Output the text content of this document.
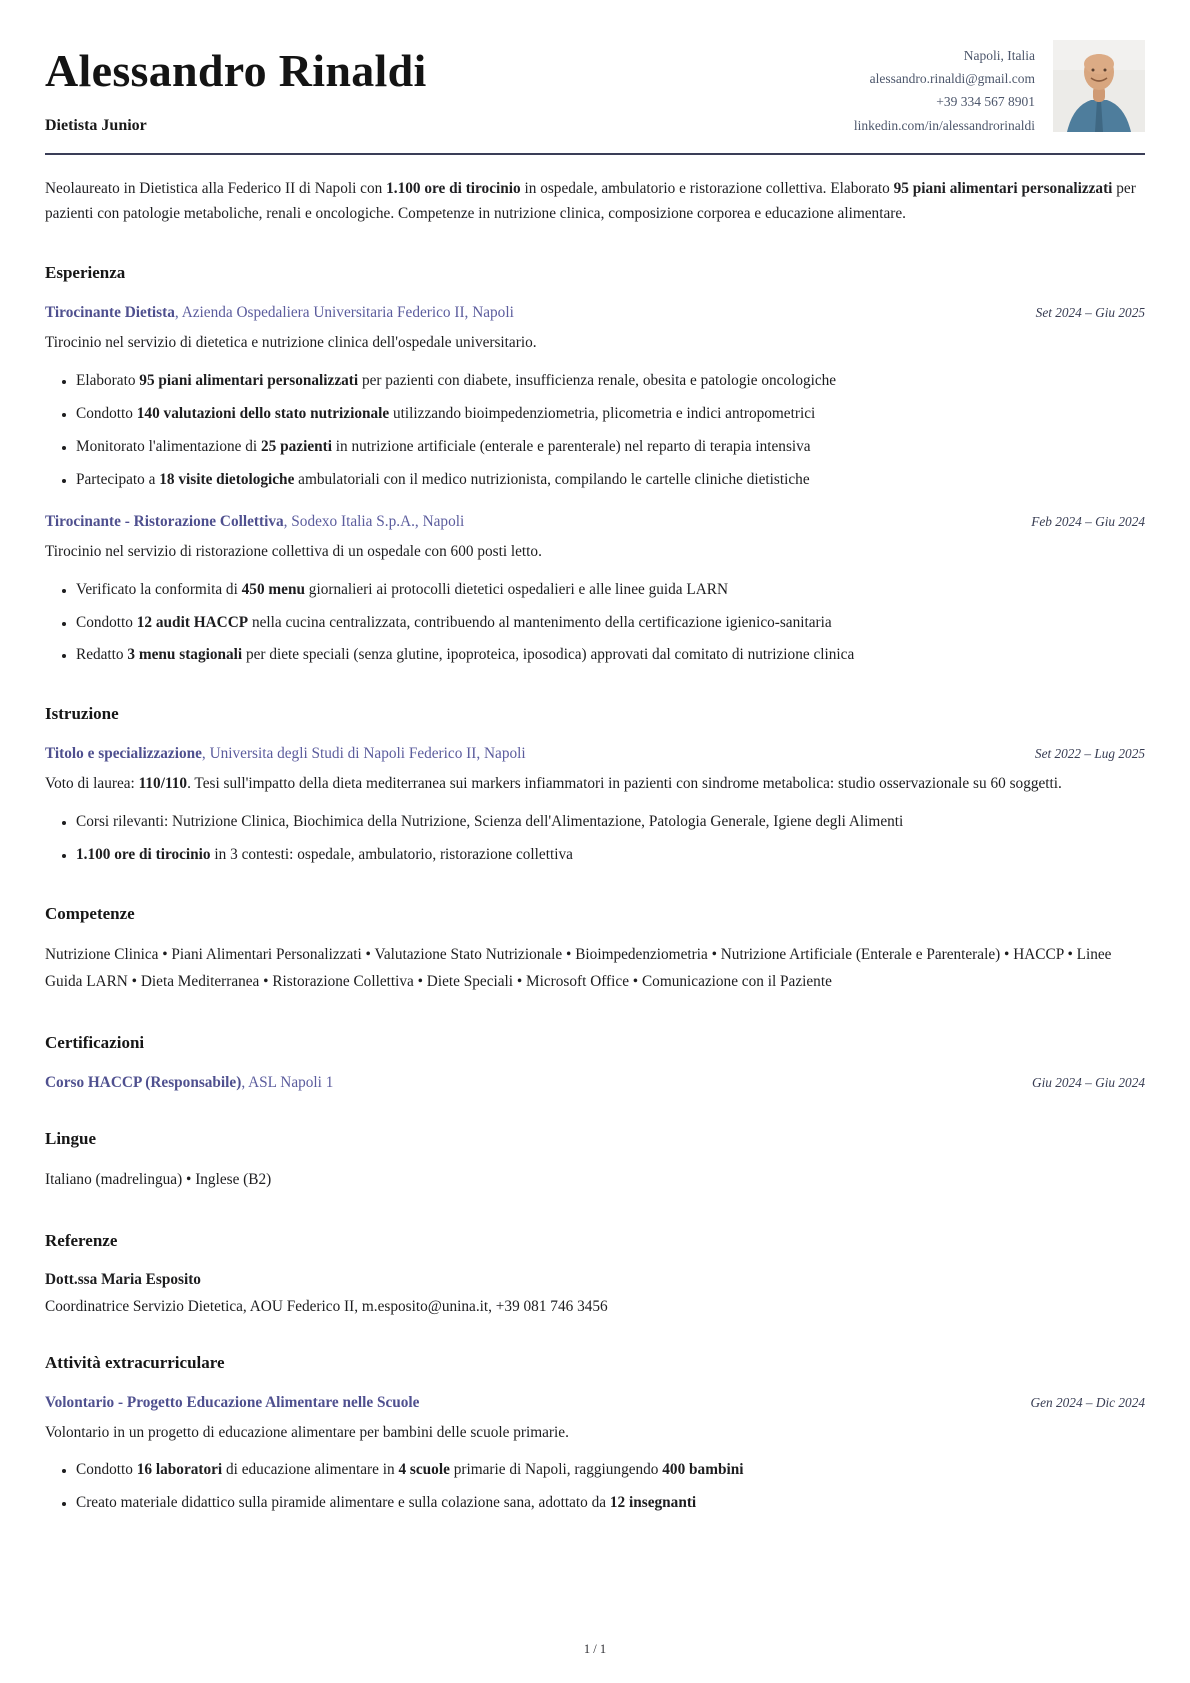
Alessandro Rinaldi
Dietista Junior
Napoli, Italia
alessandro.rinaldi@gmail.com
+39 334 567 8901
linkedin.com/in/alessandrorinaldi

Neolaureato in Dietistica alla Federico II di Napoli con 1.100 ore di tirocinio in ospedale, ambulatorio e ristorazione collettiva. Elaborato 95 piani alimentari personalizzati per pazienti con patologie metaboliche, renali e oncologiche. Competenze in nutrizione clinica, composizione corporea e educazione alimentare.

Esperienza
Tirocinante Dietista , Azienda Ospedaliera Universitaria Federico II, Napoli	Set 2024 – Giu 2025

Tirocinio nel servizio di dietetica e nutrizione clinica dell'ospedale universitario.

• Elaborato 95 piani alimentari personalizzati per pazienti con diabete, insufficienza renale, obesita e patologie oncologiche
• Condotto 140 valutazioni dello stato nutrizionale utilizzando bioimpedenziometria, plicometria e indici antropometrici
• Monitorato l'alimentazione di 25 pazienti in nutrizione artificiale (enterale e parenterale) nel reparto di terapia intensiva
• Partecipato a 18 visite dietologiche ambulatoriali con il medico nutrizionista, compilando le cartelle cliniche dietistiche
Tirocinante - Ristorazione Collettiva , Sodexo Italia S.p.A., Napoli	Feb 2024 – Giu 2024

Tirocinio nel servizio di ristorazione collettiva di un ospedale con 600 posti letto.

• Verificato la conformita di 450 menu giornalieri ai protocolli dietetici ospedalieri e alle linee guida LARN
• Condotto 12 audit HACCP nella cucina centralizzata, contribuendo al mantenimento della certificazione igienico-sanitaria
• Redatto 3 menu stagionali per diete speciali (senza glutine, ipoproteica, iposodica) approvati dal comitato di nutrizione clinica
Istruzione
Titolo e specializzazione , Universita degli Studi di Napoli Federico II, Napoli	Set 2022 – Lug 2025

Voto di laurea: 110/110. Tesi sull'impatto della dieta mediterranea sui markers infiammatori in pazienti con sindrome metabolica: studio osservazionale su 60 soggetti.

• Corsi rilevanti: Nutrizione Clinica, Biochimica della Nutrizione, Scienza dell'Alimentazione, Patologia Generale, Igiene degli Alimenti
• 1.100 ore di tirocinio in 3 contesti: ospedale, ambulatorio, ristorazione collettiva
Competenze

Nutrizione Clinica • Piani Alimentari Personalizzati • Valutazione Stato Nutrizionale • Bioimpedenziometria • Nutrizione Artificiale (Enterale e Parenterale) • HACCP • Linee Guida LARN • Dieta Mediterranea • Ristorazione Collettiva • Diete Speciali • Microsoft Office • Comunicazione con il Paziente

Certificazioni
Corso HACCP (Responsabile) , ASL Napoli 1	Giu 2024 – Giu 2024
Lingue

Italiano (madrelingua) • Inglese (B2)

Referenze

Dott.ssa Maria Esposito

Coordinatrice Servizio Dietetica, AOU Federico II, m.esposito@unina.it, +39 081 746 3456

Attività extracurriculare
Volontario - Progetto Educazione Alimentare nelle Scuole	Gen 2024 – Dic 2024

Volontario in un progetto di educazione alimentare per bambini delle scuole primarie.

• Condotto 16 laboratori di educazione alimentare in 4 scuole primarie di Napoli, raggiungendo 400 bambini
• Creato materiale didattico sulla piramide alimentare e sulla colazione sana, adottato da 12 insegnanti
1 / 1
